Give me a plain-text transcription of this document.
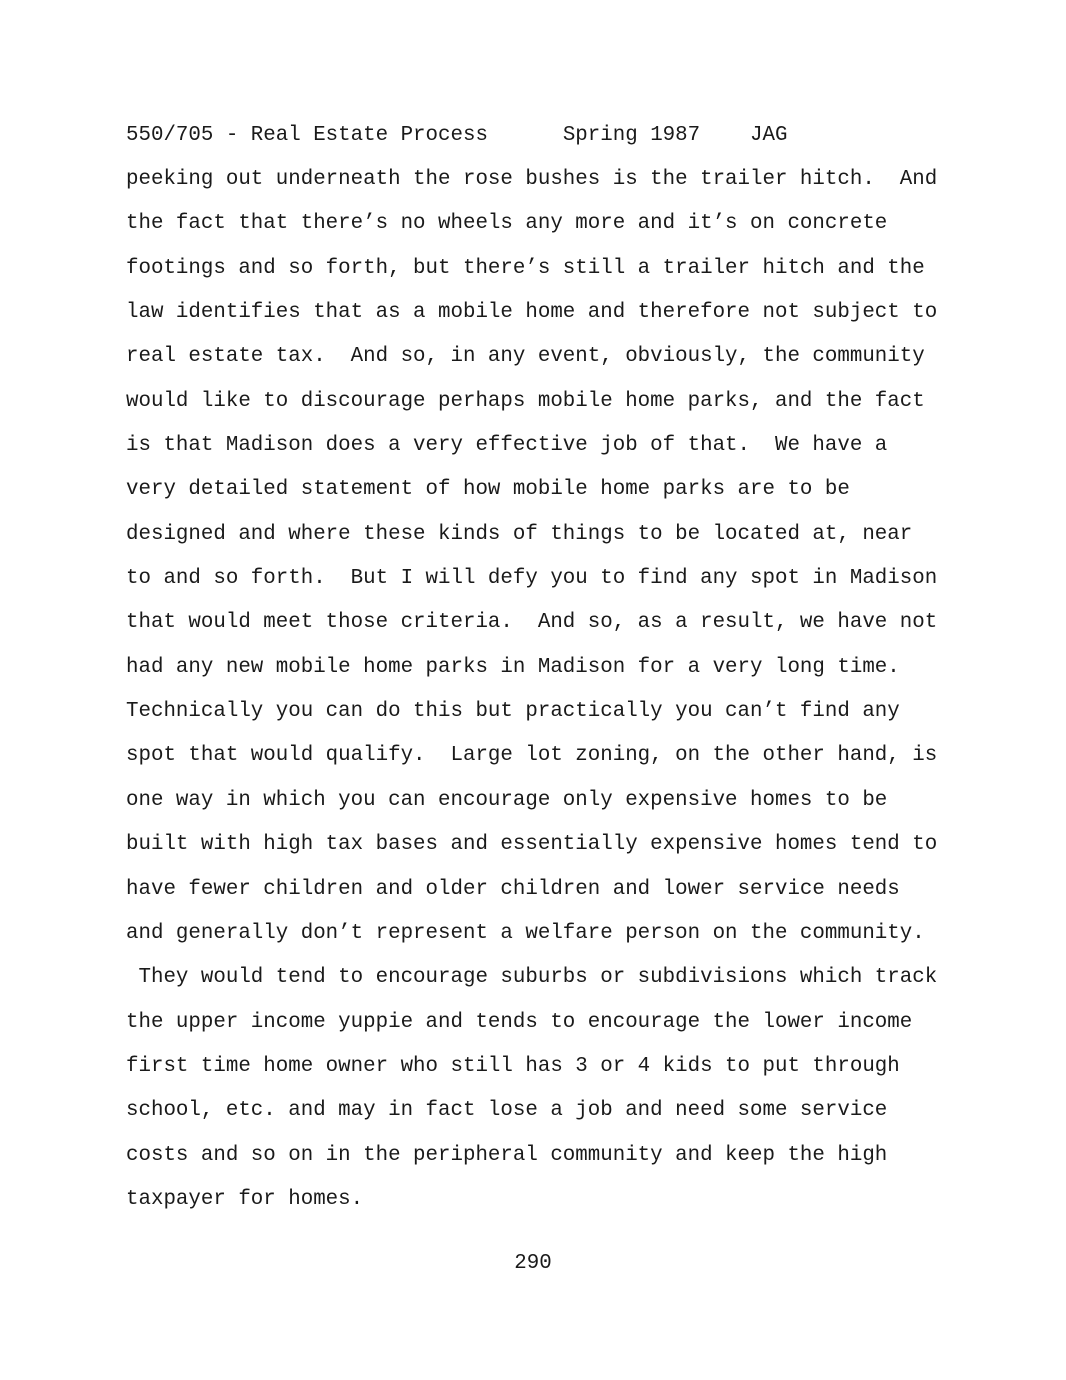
550/705 - Real Estate Process	Spring 1987 JAG
peeking out underneath the rose bushes is the trailer hitch.  And
the fact that there’s no wheels any more and it’s on concrete
footings and so forth, but there’s still a trailer hitch and the
law identifies that as a mobile home and therefore not subject to
real estate tax.  And so, in any event, obviously, the community
would like to discourage perhaps mobile home parks, and the fact
is that Madison does a very effective job of that.  We have a
very detailed statement of how mobile home parks are to be
designed and where these kinds of things to be located at, near
to and so forth.  But I will defy you to find any spot in Madison
that would meet those criteria.  And so, as a result, we have not
had any new mobile home parks in Madison for a very long time.
Technically you can do this but practically you can’t find any
spot that would qualify.  Large lot zoning, on the other hand, is
one way in which you can encourage only expensive homes to be
built with high tax bases and essentially expensive homes tend to
have fewer children and older children and lower service needs
and generally don’t represent a welfare person on the community.
They would tend to encourage suburbs or subdivisions which track
the upper income yuppie and tends to encourage the lower income
first time home owner who still has 3 or 4 kids to put through
school, etc. and may in fact lose a job and need some service
costs and so on in the peripheral community and keep the high
taxpayer for homes.
290
